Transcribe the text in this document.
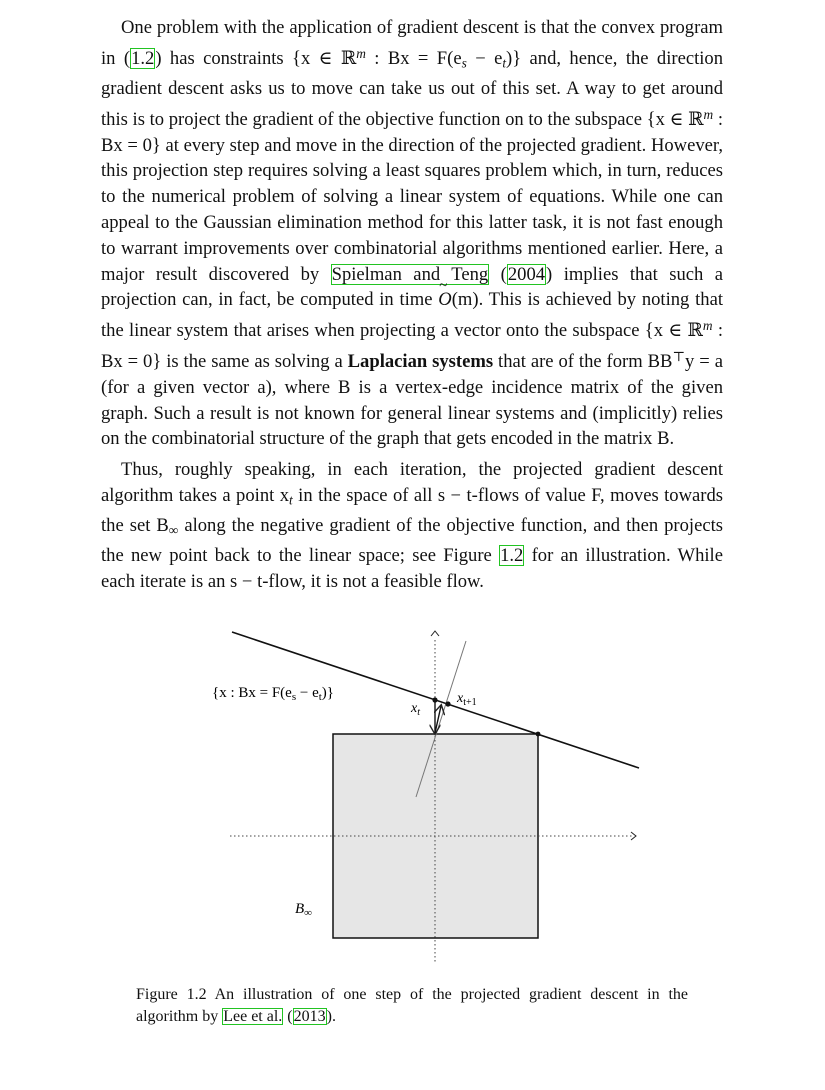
One problem with the application of gradient descent is that the convex program in (1.2) has constraints {x ∈ ℝ$^m$ : $Bx = F(e_s - e_t)$} and, hence, the direction gradient descent asks us to move can take us out of this set. A way to get around this is to project the gradient of the objective function on to the subspace {x ∈ ℝ$^m$ : Bx = 0} at every step and move in the direction of the projected gradient. However, this projection step requires solving a least squares problem which, in turn, reduces to the numerical problem of solving a linear system of equations. While one can appeal to the Gaussian elimination method for this latter task, it is not fast enough to warrant improvements over combinatorial algorithms mentioned earlier. Here, a major result discovered by Spielman and Teng (2004) implies that such a projection can, in fact, be computed in time ~ O(m). This is achieved by noting that the linear system that arises when projecting a vector onto the subspace {x ∈ ℝ$^m$ : Bx = 0} is the same as solving a Laplacian systems that are of the form BB⊤y = a (for a given vector a), where B is a vertex-edge incidence matrix of the given graph. Such a result is not known for general linear systems and (implicitly) relies on the combinatorial structure of the graph that gets encoded in the matrix B.
Thus, roughly speaking, in each iteration, the projected gradient descent algorithm takes a point $x_t$ in the space of all s − t-flows of value F, moves towards the set $B_\infty$ along the negative gradient of the objective function, and then projects the new point back to the linear space; see Figure 1.2 for an illustration. While each iterate is an s − t-flow, it is not a feasible flow.
{x : $Bx = F(e_s - e_t)$}
$x_t$
$x_{t+1}$
$B_\infty$
Figure 1.2 An illustration of one step of the projected gradient descent in the algorithm by Lee et al. (2013).
